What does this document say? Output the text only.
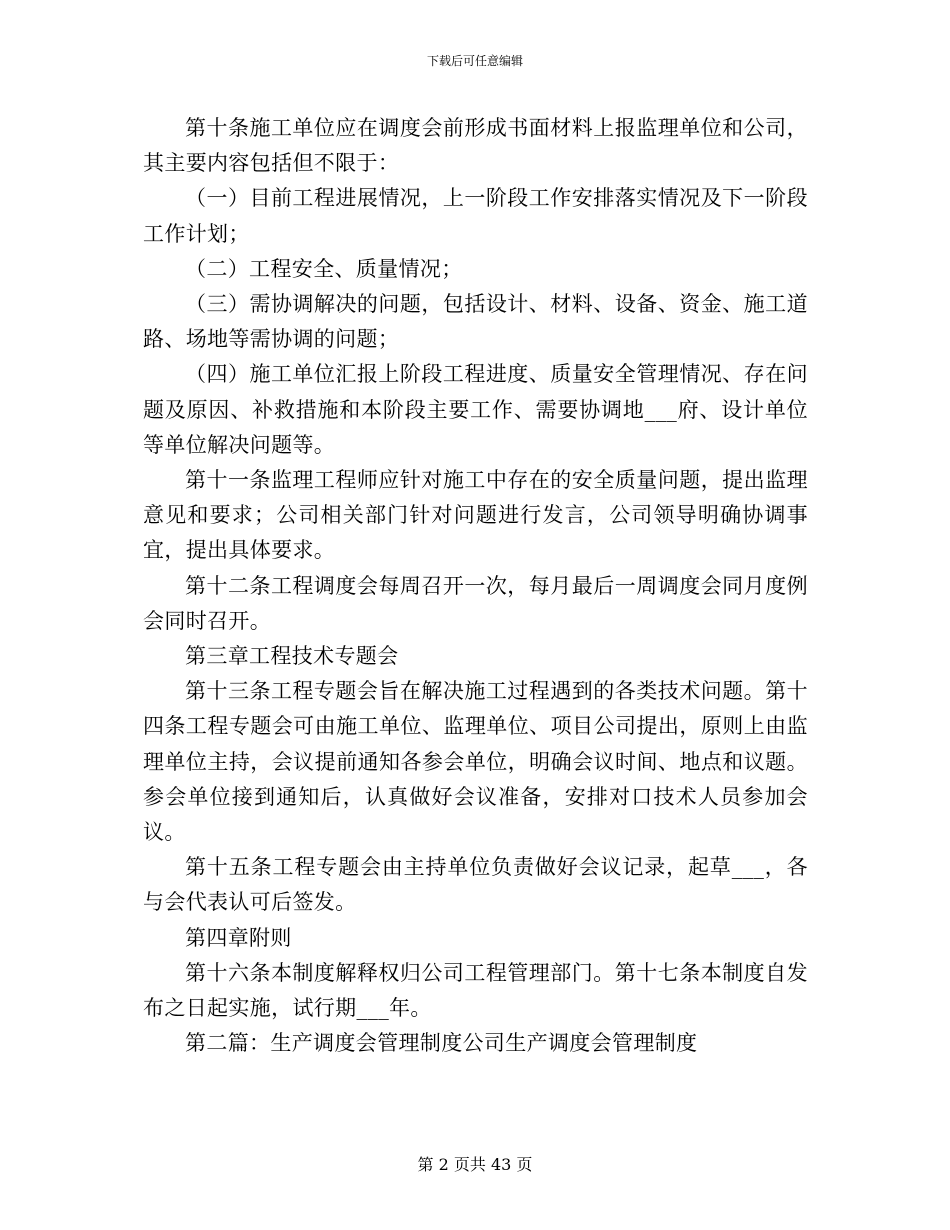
下载后可任意编辑

第十条施工单位应在调度会前形成书面材料上报监理单位和公司，其主要内容包括但不限于：

（一）目前工程进展情况，上一阶段工作安排落实情况及下一阶段工作计划；

（二）工程安全、质量情况；

（三）需协调解决的问题，包括设计、材料、设备、资金、施工道路、场地等需协调的问题；

（四）施工单位汇报上阶段工程进度、质量安全管理情况、存在问题及原因、补救措施和本阶段主要工作、需要协调地___府、设计单位等单位解决问题等。

第十一条监理工程师应针对施工中存在的安全质量问题，提出监理意见和要求；公司相关部门针对问题进行发言，公司领导明确协调事宜，提出具体要求。

第十二条工程调度会每周召开一次，每月最后一周调度会同月度例会同时召开。

第三章工程技术专题会

第十三条工程专题会旨在解决施工过程遇到的各类技术问题。第十四条工程专题会可由施工单位、监理单位、项目公司提出，原则上由监理单位主持，会议提前通知各参会单位，明确会议时间、地点和议题。参会单位接到通知后，认真做好会议准备，安排对口技术人员参加会议。

第十五条工程专题会由主持单位负责做好会议记录，起草___，各与会代表认可后签发。

第四章附则

第十六条本制度解释权归公司工程管理部门。第十七条本制度自发布之日起实施，试行期___年。

第二篇：生产调度会管理制度公司生产调度会管理制度

第 2 页共 43 页
